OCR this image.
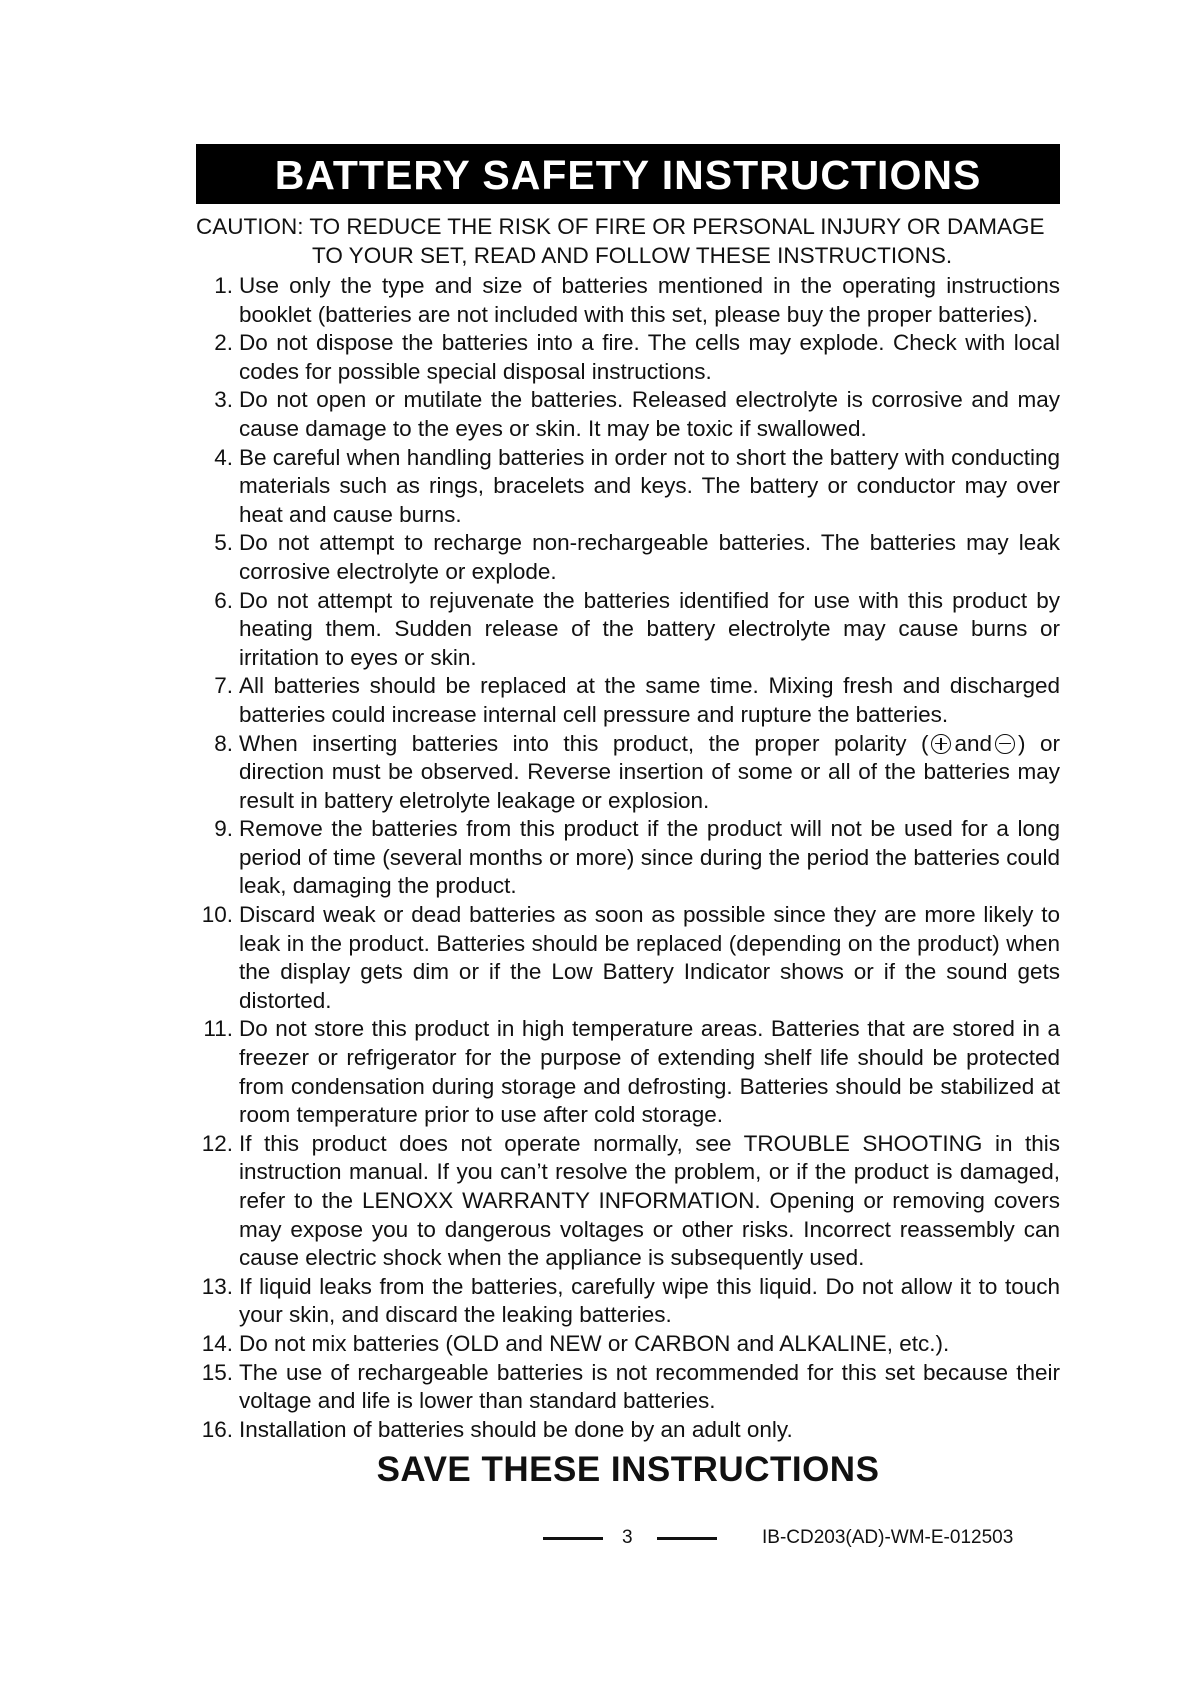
BATTERY SAFETY INSTRUCTIONS
CAUTION: TO REDUCE THE RISK OF FIRE OR PERSONAL INJURY OR DAMAGE
TO YOUR SET, READ AND FOLLOW THESE INSTRUCTIONS.
1. Use only the type and size of batteries mentioned in the operating instructions booklet (batteries are not included with this set, please buy the proper batteries).
2. Do not dispose the batteries into a fire. The cells may explode. Check with local codes for possible special disposal instructions.
3. Do not open or mutilate the batteries. Released electrolyte is corrosive and may cause damage to the eyes or skin. It may be toxic if swallowed.
4. Be careful when handling batteries in order not to short the battery with conducting materials such as rings, bracelets and keys. The battery or conductor may over heat and cause burns.
5. Do not attempt to recharge non-rechargeable batteries. The batteries may leak corrosive electrolyte or explode.
6. Do not attempt to rejuvenate the batteries identified for use with this product by heating them. Sudden release of the battery electrolyte may cause burns or irritation to eyes or skin.
7. All batteries should be replaced at the same time. Mixing fresh and discharged batteries could increase internal cell pressure and rupture the batteries.
8. When inserting batteries into this product, the proper polarity ( and ) or direction must be observed. Reverse insertion of some or all of the batteries may result in battery eletrolyte leakage or explosion.
9. Remove the batteries from this product if the product will not be used for a long period of time (several months or more) since during the period the batteries could leak, damaging the product.
10. Discard weak or dead batteries as soon as possible since they are more likely to leak in the product. Batteries should be replaced (depending on the product) when the display gets dim or if the Low Battery Indicator shows or if the sound gets distorted.
11. Do not store this product in high temperature areas. Batteries that are stored in a freezer or refrigerator for the purpose of extending shelf life should be protected from condensation during storage and defrosting. Batteries should be stabilized at room temperature prior to use after cold storage.
12. If this product does not operate normally, see TROUBLE SHOOTING in this instruction manual. If you can’t resolve the problem, or if the product is damaged, refer to the LENOXX WARRANTY INFORMATION. Opening or removing covers may expose you to dangerous voltages or other risks. Incorrect reassembly can cause electric shock when the appliance is subsequently used.
13. If liquid leaks from the batteries, carefully wipe this liquid. Do not allow it to touch your skin, and discard the leaking batteries.
14. Do not mix batteries (OLD and NEW or CARBON and ALKALINE, etc.).
15. The use of rechargeable batteries is not recommended for this set because their voltage and life is lower than standard batteries.
16. Installation of batteries should be done by an adult only.
SAVE THESE INSTRUCTIONS
3	IB-CD203(AD)-WM-E-012503
